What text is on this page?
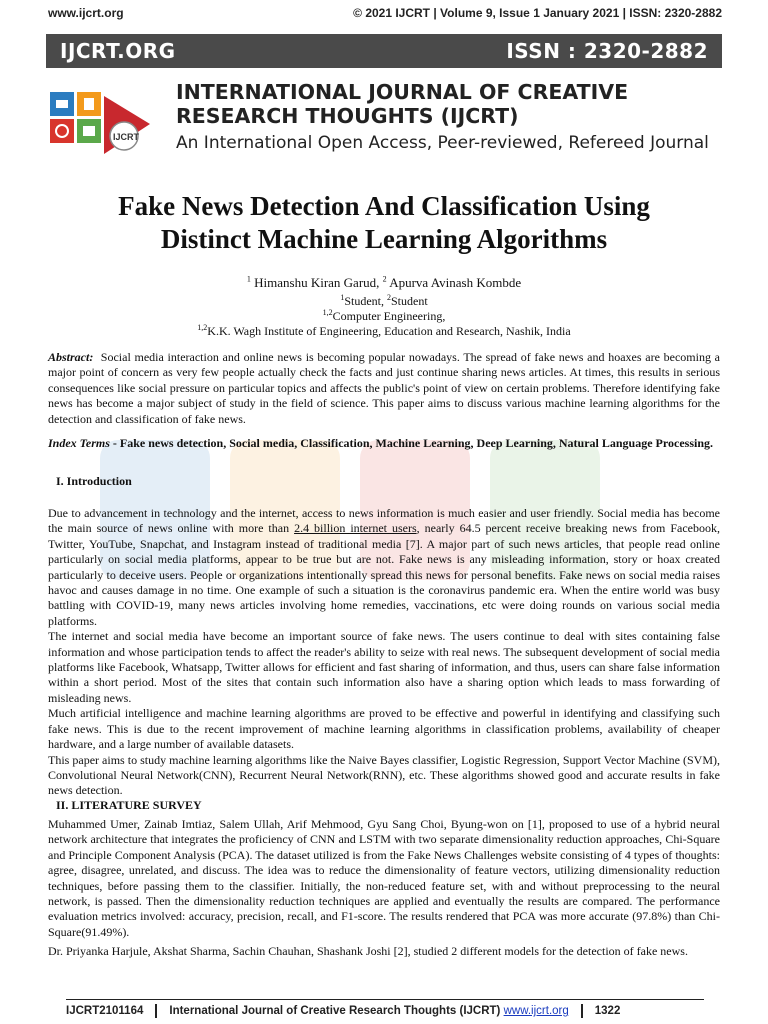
www.ijcrt.org	© 2021 IJCRT | Volume 9, Issue 1 January 2021 | ISSN: 2320-2882
IJCRT.ORG	ISSN : 2320-2882
IJCRT
INTERNATIONAL JOURNAL OF CREATIVE
RESEARCH THOUGHTS (IJCRT)
An International Open Access, Peer-reviewed, Refereed Journal
Fake News Detection And Classification Using
Distinct Machine Learning Algorithms
$^1$ Himanshu Kiran Garud, $^2$ Apurva Avinash Kombde
$^1$Student, $^2$Student
$^{1,2}$Computer Engineering,
$^{1,2}$K.K. Wagh Institute of Engineering, Education and Research, Nashik, India
Abstract: Social media interaction and online news is becoming popular nowadays. The spread of fake news and hoaxes are becoming a major point of concern as very few people actually check the facts and just continue sharing news articles. At times, this results in serious consequences like social pressure on particular topics and affects the public's point of view on certain problems. Therefore identifying fake news has become a major subject of study in the field of science. This paper aims to discuss various machine learning algorithms for the detection and classification of fake news.
Index Terms - Fake news detection, Social media, Classification, Machine Learning, Deep Learning, Natural Language Processing.
I. Introduction
Due to advancement in technology and the internet, access to news information is much easier and user friendly. Social media has become the main source of news online with more than 2.4 billion internet users, nearly 64.5 percent receive breaking news from Facebook, Twitter, YouTube, Snapchat, and Instagram instead of traditional media [7]. A major part of such news articles, that people read online particularly on social media platforms, appear to be true but are not. Fake news is any misleading information, story or hoax created particularly to deceive users. People or organizations intentionally spread this news for personal benefits. Fake news on social media raises havoc and causes damage in no time. One example of such a situation is the coronavirus pandemic era. When the entire world was busy battling with COVID-19, many news articles involving home remedies, vaccinations, etc were doing rounds on various social media platforms.
The internet and social media have become an important source of fake news. The users continue to deal with sites containing false information and whose participation tends to affect the reader's ability to seize with real news. The subsequent development of social media platforms like Facebook, Whatsapp, Twitter allows for efficient and fast sharing of information, and thus, users can share false information within a short period. Most of the sites that contain such information also have a sharing option which leads to mass forwarding of misleading news.
Much artificial intelligence and machine learning algorithms are proved to be effective and powerful in identifying and classifying such fake news. This is due to the recent improvement of machine learning algorithms in classification problems, availability of cheaper hardware, and a large number of available datasets.
This paper aims to study machine learning algorithms like the Naive Bayes classifier, Logistic Regression, Support Vector Machine (SVM), Convolutional Neural Network(CNN), Recurrent Neural Network(RNN), etc. These algorithms showed good and accurate results in fake news detection.
II. LITERATURE SURVEY
Muhammed Umer, Zainab Imtiaz, Salem Ullah, Arif Mehmood, Gyu Sang Choi, Byung-won on [1], proposed to use of a hybrid neural network architecture that integrates the proficiency of CNN and LSTM with two separate dimensionality reduction approaches, Chi-Square and Principle Component Analysis (PCA). The dataset utilized is from the Fake News Challenges website consisting of 4 types of thoughts: agree, disagree, unrelated, and discuss. The idea was to reduce the dimensionality of feature vectors, utilizing dimensionality reduction techniques, before passing them to the classifier. Initially, the non-reduced feature set, with and without preprocessing to the neural network, is passed. Then the dimensionality reduction techniques are applied and eventually the results are compared. The performance evaluation metrics involved: accuracy, precision, recall, and F1-score. The results rendered that PCA was more accurate (97.8%) than Chi-Square(91.49%).
Dr. Priyanka Harjule, Akshat Sharma, Sachin Chauhan, Shashank Joshi [2], studied 2 different models for the detection of fake news.
IJCRT2101164 International Journal of Creative Research Thoughts (IJCRT)
www.ijcrt.org 1322
